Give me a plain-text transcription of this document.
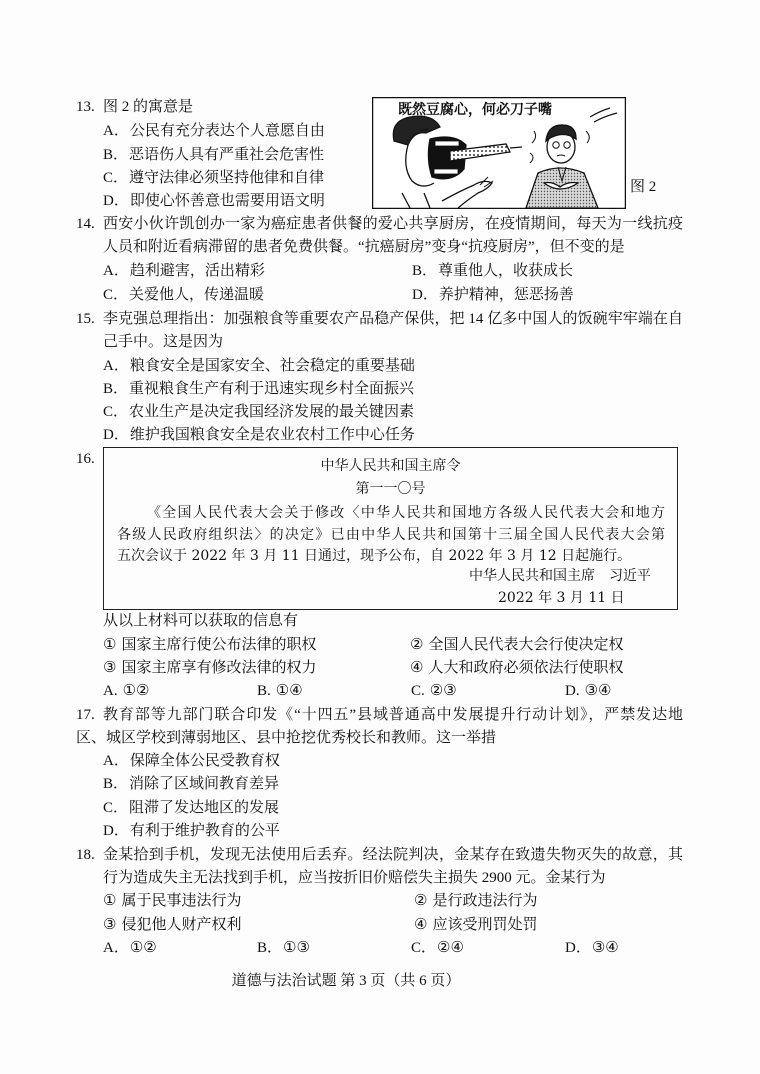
13. 图 2 的寓意是
A．公民有充分表达个人意愿自由
B．恶语伤人具有严重社会危害性
C．遵守法律必须坚持他律和自律
D．即使心怀善意也需要用语文明
既然豆腐心，何必刀子嘴
图 2
14. 西安小伙许凯创办一家为癌症患者供餐的爱心共享厨房，在疫情期间，每天为一线抗疫
人员和附近看病滞留的患者免费供餐。“抗癌厨房”变身“抗疫厨房”，但不变的是
A．趋利避害，活出精彩	B．尊重他人，收获成长
C．关爱他人，传递温暖	D．养护精神，惩恶扬善
15. 李克强总理指出：加强粮食等重要农产品稳产保供，把 14 亿多中国人的饭碗牢牢端在自
己手中。这是因为
A．粮食安全是国家安全、社会稳定的重要基础
B．重视粮食生产有利于迅速实现乡村全面振兴
C．农业生产是决定我国经济发展的最关键因素
D．维护我国粮食安全是农业农村工作中心任务
16.	中华人民共和国主席令
第一一〇号
《全国人民代表大会关于修改〈中华人民共和国地方各级人民代表大会和地方
各级人民政府组织法〉的决定》已由中华人民共和国第十三届全国人民代表大会第
五次会议于 2022 年 3 月 11 日通过，现予公布，自 2022 年 3 月 12 日起施行。
中华人民共和国主席　习近平
2022 年 3 月 11 日
从以上材料可以获取的信息有
① 国家主席行使公布法律的职权	② 全国人民代表大会行使决定权
③ 国家主席享有修改法律的权力	④ 人大和政府必须依法行使职权
A. ①②	B. ①④	C. ②③	D. ③④
17. 教育部等九部门联合印发《“十四五”县域普通高中发展提升行动计划》，严禁发达地
区、城区学校到薄弱地区、县中抢挖优秀校长和教师。这一举措
A．保障全体公民受教育权
B．消除了区域间教育差异
C．阻滞了发达地区的发展
D．有利于维护教育的公平
18. 金某拾到手机，发现无法使用后丢弃。经法院判决，金某存在致遗失物灭失的故意，其
行为造成失主无法找到手机，应当按折旧价赔偿失主损失 2900 元。金某行为
① 属于民事违法行为	② 是行政违法行为
③ 侵犯他人财产权利	④ 应该受刑罚处罚
A．①②	B．①③	C．②④	D．③④
道德与法治试题 第 3 页（共 6 页）
